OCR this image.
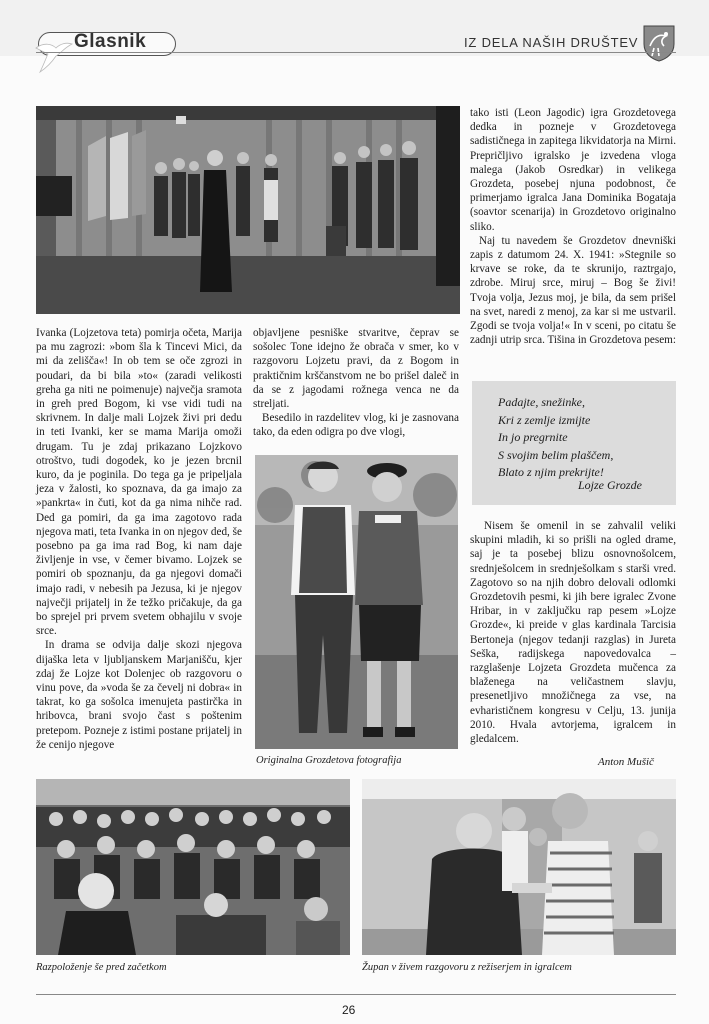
Glasnik	IZ DELA NAŠIH DRUŠTEV

Ivanka (Lojzetova teta) pomirja očeta, Marija pa mu zagrozi: »bom šla k Tincevi Mici, da mi da zelišča«! In ob tem se oče zgrozi in poudari, da bi bila »to« (zaradi velikosti greha ga niti ne poimenuje) največja sramota in greh pred Bogom, ki vse vidi tudi na skrivnem. In dalje mali Lojzek živi pri dedu in teti Ivanki, ker se mama Marija omoži drugam. Tu je zdaj prikazano Lojzkovo otroštvo, tudi dogodek, ko je jezen brcnil kuro, da je poginila. Do tega ga je pripeljala jeza v žalosti, ko spoznava, da ga imajo za »pankrta« in čuti, kot da ga nima nihče rad. Ded ga pomiri, da ga ima zagotovo rada njegova mati, teta Ivanka in on njegov ded, še posebno pa ga ima rad Bog, ki nam daje življenje in vse, v čemer bivamo. Lojzek se pomiri ob spoznanju, da ga njegovi domači imajo radi, v nebesih pa Jezusa, ki je njegov največji prijatelj in že težko pričakuje, da ga bo sprejel pri prvem svetem obhajilu v svoje srce.

In drama se odvija dalje skozi njegova dijaška leta v ljubljanskem Marjanišču, kjer zdaj že Lojze kot Dolenjec ob razgovoru o vinu pove, da »voda še za čevelj ni dobra« in takrat, ko ga sošolca imenujeta pastirčka in hribovca, brani svojo čast s poštenim pretepom. Pozneje z istimi postane prijatelj in že cenijo njegove

objavljene pesniške stvaritve, čeprav se sošolec Tone idejno že obrača v smer, ko v razgovoru Lojzetu pravi, da z Bogom in praktičnim krščanstvom ne bo prišel daleč in da se z jagodami rožnega venca ne da streljati.

Besedilo in razdelitev vlog, ki je zasnovana tako, da eden odigra po dve vlogi,

Originalna Grozdetova fotografija

tako isti (Leon Jagodic) igra Grozdetovega dedka in pozneje v Grozdetovega sadističnega in zapitega likvidatorja na Mirni. Prepričljivo igralsko je izvedena vloga malega (Jakob Osredkar) in velikega Grozdeta, posebej njuna podobnost, če primerjamo igralca Jana Dominika Bogataja (soavtor scenarija) in Grozdetovo originalno sliko.

Naj tu navedem še Grozdetov dnevniški zapis z datumom 24. X. 1941: »Stegnile so krvave se roke, da te skrunijo, raztrgajo, zdrobe. Miruj srce, miruj – Bog še živi! Tvoja volja, Jezus moj, je bila, da sem prišel na svet, naredi z menoj, za kar si me ustvaril. Zgodi se tvoja volja!« In v sceni, po citatu še zadnji utrip srca. Tišina in Grozdetova pesem:

Padajte, snežinke,
Kri z zemlje izmijte
In jo pregrnite
S svojim belim plaščem,
Blato z njim prekrijte!
Lojze Grozde

Nisem še omenil in se zahvalil veliki skupini mladih, ki so prišli na ogled drame, saj je ta posebej blizu osnovnošolcem, srednješolcem in srednješolkam s starši vred. Zagotovo so na njih dobro delovali odlomki Grozdetovih pesmi, ki jih bere igralec Zvone Hribar, in v zaključku rap pesem »Lojze Grozde«, ki preide v glas kardinala Tarcisia Bertoneja (njegov tedanji razglas) in Jureta Seška, radijskega napovedovalca – razglašenje Lojzeta Grozdeta mučenca za blaženega na veličastnem slavju, presenetljivo množičnega za vse, na evharističnem kongresu v Celju, 13. junija 2010. Hvala avtorjema, igralcem in gledalcem.

Anton Mušič
Razpoloženje še pred začetkom	Župan v živem razgovoru z režiserjem in igralcem
26
